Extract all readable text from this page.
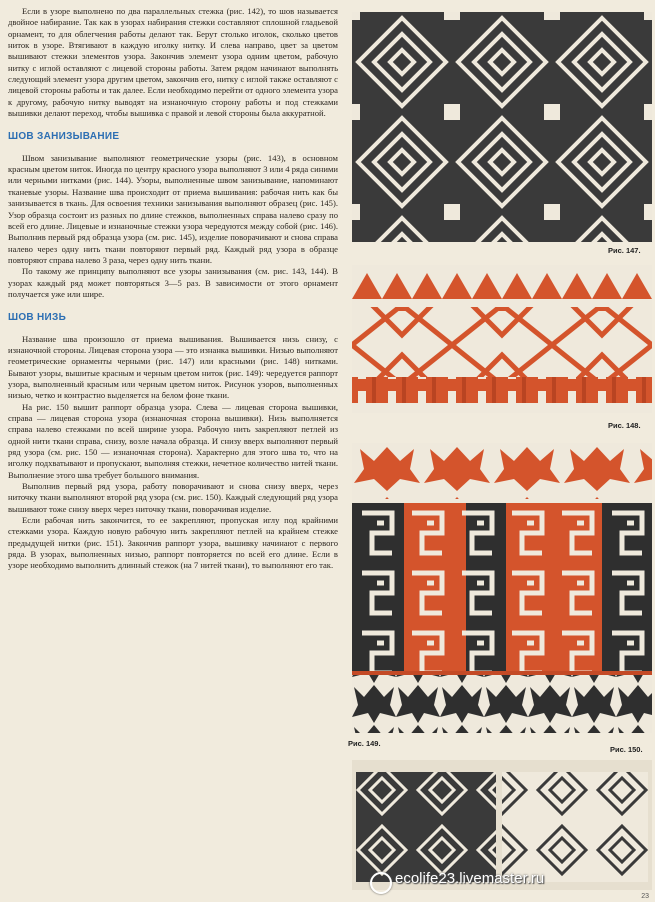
Если в узоре выполнено по два параллельных стежка (рис. 142), то шов называется двойное набирание. Так как в узорах набирания стежки составляют сплошной гладьевой орнамент, то для облегчения работы делают так. Берут столько иголок, сколько цветов ниток в узоре. Втягивают в каждую иголку нитку. И слева направо, цвет за цветом вышивают стежки элементов узора. Закончив элемент узора одним цветом, рабочую нитку с иглой оставляют с лицевой стороны работы. Затем рядом начинают выполнять следующий элемент узора другим цветом, закончив его, нитку с иглой также оставляют с лицевой стороны работы и так далее. Если необходимо перейти от одного элемента узора к другому, рабочую нитку выводят на изнаночную сторону работы и под стежками вышивки делают переход, чтобы вышивка с правой и левой стороны была аккуратной.

ШОВ ЗАНИЗЫВАНИЕ

Швом занизывание выполняют геометрические узоры (рис. 143), в основном красным цветом ниток. Иногда по центру красного узора выполняют 3 или 4 ряда синими или черными нитками (рис. 144). Узоры, выполненные швом занизывание, напоминают тканевые узоры. Название шва происходит от приема вышивания: рабочая нить как бы занизывается в ткань. Для освоения техники занизывания выполняют образец (рис. 145). Узор образца состоит из разных по длине стежков, выполненных справа налево сразу по всей его длине. Лицевые и изнаночные стежки узора чередуются между собой (рис. 146). Выполнив первый ряд образца узора (см. рис. 145), изделие поворачивают и снова справа налево через одну нить ткани повторяют первый ряд. Каждый ряд узора в образце повторяют справа налево 3 раза, через одну нить ткани.

По такому же принципу выполняют все узоры занизывания (см. рис. 143, 144). В узорах каждый ряд может повторяться 3—5 раз. В зависимости от этого орнамент получается уже или шире.

ШОВ НИЗЬ

Название шва произошло от приема вышивания. Вышивается низь снизу, с изнаночной стороны. Лицевая сторона узора — это изнанка вышивки. Низью выполняют геометрические орнаменты черными (рис. 147) или красными (рис. 148) нитками. Бывают узоры, вышитые красным и черным цветом ниток (рис. 149): чередуется раппорт узора, выполненный красным или черным цветом ниток. Рисунок узоров, выполненных низью, четко и контрастно выделяется на белом фоне ткани.

На рис. 150 вышит раппорт образца узора. Слева — лицевая сторона вышивки, справа — лицевая сторона узора (изнаночная сторона вышивки). Низь выполняется справа налево стежками по всей ширине узора. Рабочую нить закрепляют петлей из одной нити ткани справа, снизу, возле начала образца. И снизу вверх выполняют первый ряд узора (см. рис. 150 — изнаночная сторона). Характерно для этого шва то, что на иголку подхватывают и пропускают, выполняя стежки, нечетное количество нитей ткани. Выполнение этого шва требует большого внимания.

Выполнив первый ряд узора, работу поворачивают и снова снизу вверх, через ниточку ткани выполняют второй ряд узора (см. рис. 150). Каждый следующий ряд узора вышивают тоже снизу вверх через ниточку ткани, поворачивая изделие.

Если рабочая нить закончится, то ее закрепляют, пропуская иглу под крайними стежками узора. Каждую новую рабочую нить закрепляют петлей на крайнем стежке предыдущей нитки (рис. 151). Закончив раппорт узора, вышивку начинают с первого ряда. В узорах, выполненных низью, раппорт повторяется по всей его длине. Если в узоре необходимо выполнить длинный стежок (на 7 нитей ткани), то выполняют его так.

Рис. 147.
Рис. 148.
Рис. 149.
Рис. 150.
ecolife23.livemaster.ru
23
